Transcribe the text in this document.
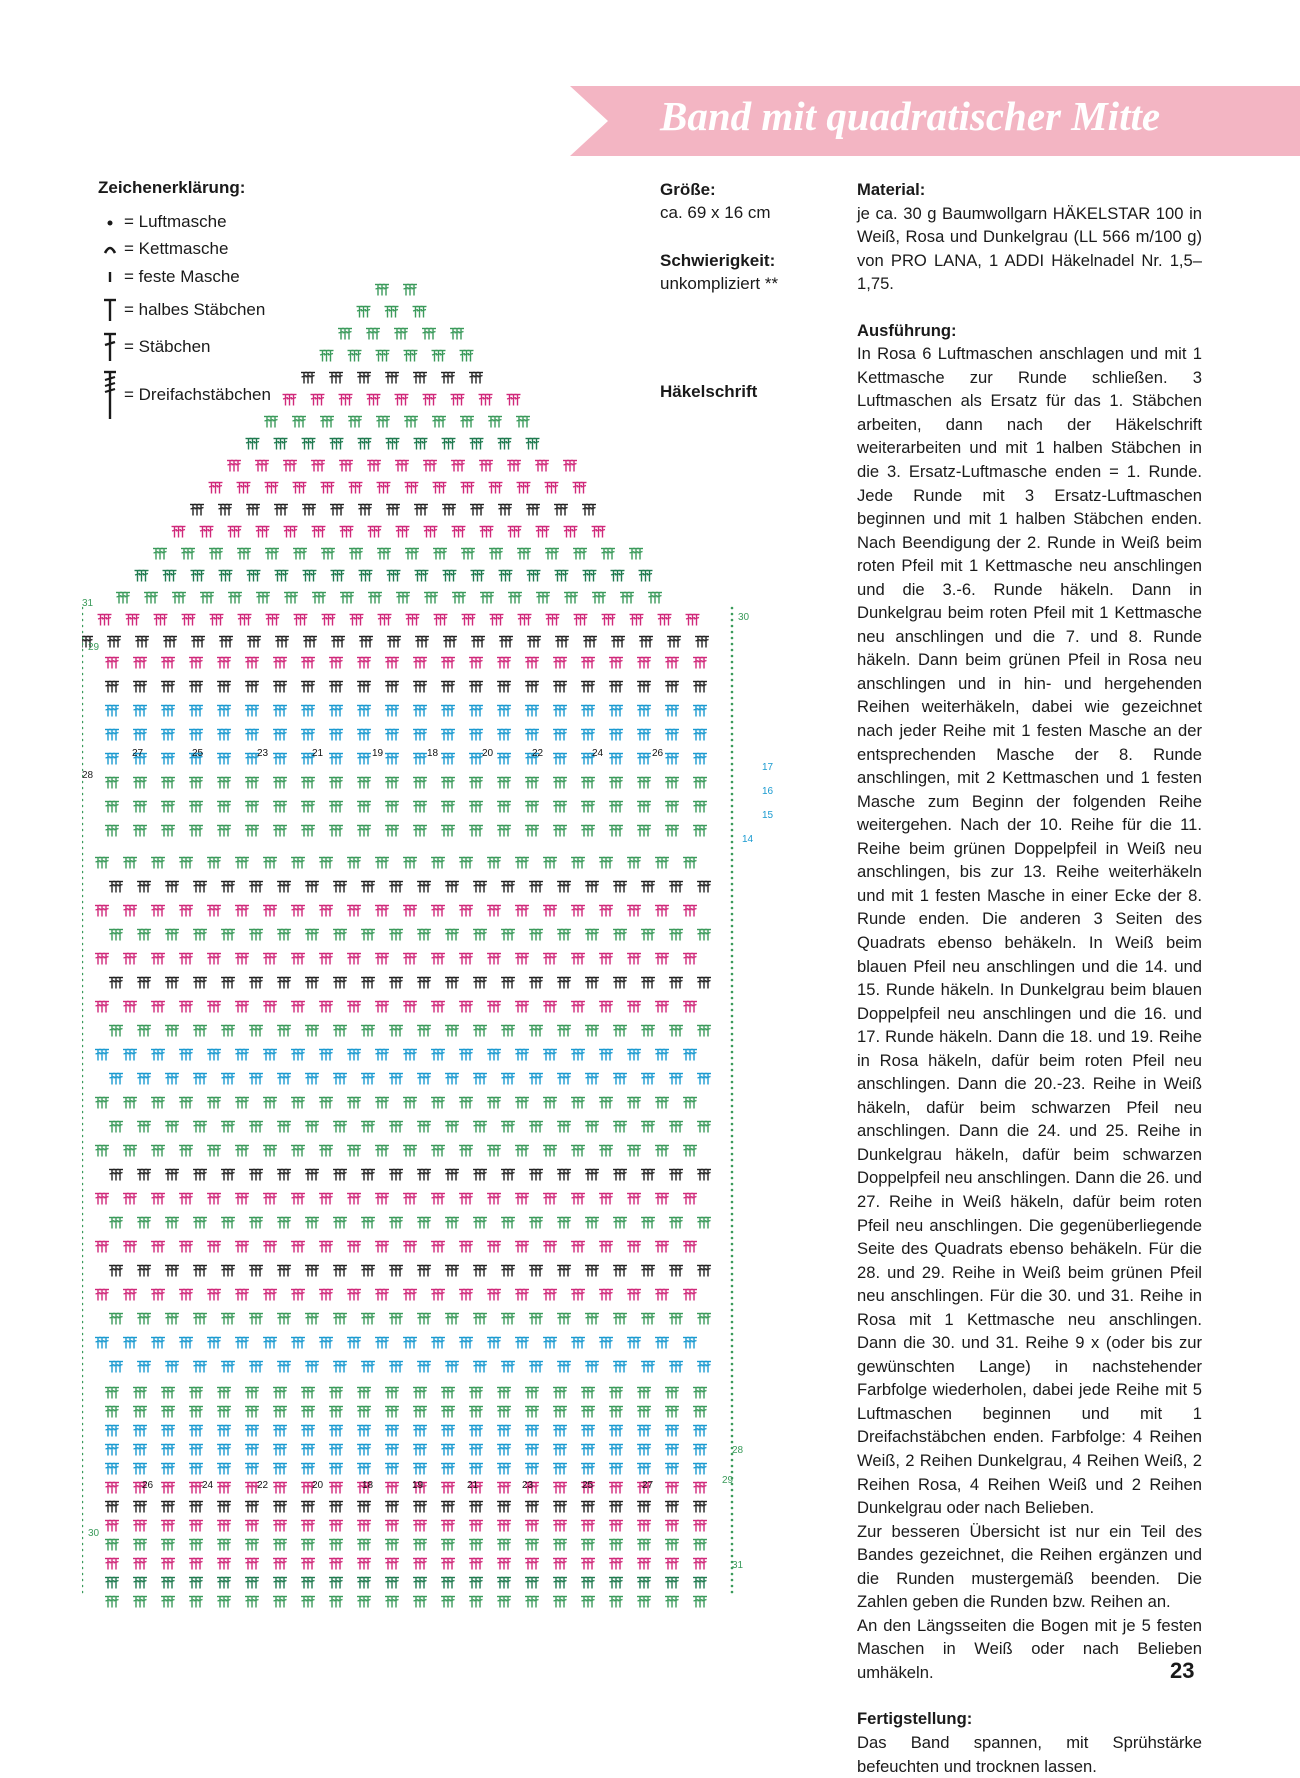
Band mit quadratischer Mitte
Zeichenerklärung:
= Luftmasche
= Kettmasche
= feste Masche
= halbes Stäbchen
= Stäbchen
= Dreifachstäbchen
Größe:
ca. 69 x 16 cm
Schwierigkeit:
unkompliziert **
Häkelschrift
Material:

je ca. 30 g Baumwollgarn HÄKELSTAR 100 in Weiß, Rosa und Dunkelgrau (LL 566 m/100 g) von PRO LANA, 1 ADDI Häkelnadel Nr. 1,5–1,75.

Ausführung:

In Rosa 6 Luftmaschen anschlagen und mit 1 Kettmasche zur Runde schließen. 3 Luftmaschen als Ersatz für das 1. Stäbchen arbeiten, dann nach der Häkelschrift weiterarbeiten und mit 1 halben Stäbchen in die 3. Ersatz-Luftmasche enden = 1. Runde. Jede Runde mit 3 Ersatz-Luftmaschen beginnen und mit 1 halben Stäbchen enden. Nach Beendigung der 2. Runde in Weiß beim roten Pfeil mit 1 Kettmasche neu anschlingen und die 3.-6. Runde häkeln. Dann in Dunkelgrau beim roten Pfeil mit 1 Kettmasche neu anschlingen und die 7. und 8. Runde häkeln. Dann beim grünen Pfeil in Rosa neu anschlingen und in hin- und hergehenden Reihen weiterhäkeln, dabei wie gezeichnet nach jeder Reihe mit 1 festen Masche an der entsprechenden Masche der 8. Runde anschlingen, mit 2 Kettmaschen und 1 festen Masche zum Beginn der folgenden Reihe weitergehen. Nach der 10. Reihe für die 11. Reihe beim grünen Doppelpfeil in Weiß neu anschlingen, bis zur 13. Reihe weiterhäkeln und mit 1 festen Masche in einer Ecke der 8. Runde enden. Die anderen 3 Seiten des Quadrats ebenso behäkeln. In Weiß beim blauen Pfeil neu anschlingen und die 14. und 15. Runde häkeln. In Dunkelgrau beim blauen Doppelpfeil neu anschlingen und die 16. und 17. Runde häkeln. Dann die 18. und 19. Reihe in Rosa häkeln, dafür beim roten Pfeil neu anschlingen. Dann die 20.-23. Reihe in Weiß häkeln, dafür beim schwarzen Pfeil neu anschlingen. Dann die 24. und 25. Reihe in Dunkelgrau häkeln, dafür beim schwarzen Doppelpfeil neu anschlingen. Dann die 26. und 27. Reihe in Weiß häkeln, dafür beim roten Pfeil neu anschlingen. Die gegenüberliegende Seite des Quadrats ebenso behäkeln. Für die 28. und 29. Reihe in Weiß beim grünen Pfeil neu anschlingen. Für die 30. und 31. Reihe in Rosa mit 1 Kettmasche neu anschlingen. Dann die 30. und 31. Reihe 9 x (oder bis zur gewünschten Lange) in nachstehender Farbfolge wiederholen, dabei jede Reihe mit 5 Luftmaschen beginnen und mit 1 Dreifachstäbchen enden. Farbfolge: 4 Reihen Weiß, 2 Reihen Dunkelgrau, 4 Reihen Weiß, 2 Reihen Rosa, 4 Reihen Weiß und 2 Reihen Dunkelgrau oder nach Belieben.

Zur besseren Übersicht ist nur ein Teil des Bandes gezeichnet, die Reihen ergänzen und die Runden mustergemäß beenden. Die Zahlen geben die Runden bzw. Reihen an.

An den Längsseiten die Bogen mit je 5 festen Maschen in Weiß oder nach Belieben umhäkeln.

Fertigstellung:

Das Band spannen, mit Sprühstärke befeuchten und trocknen lassen.

31
29
28
30
17
16
15
14
27	25	23	21	19	18	20	22	24	26
26	24	22	20	18	19	21	23	25	27
30
28
29
31
23
